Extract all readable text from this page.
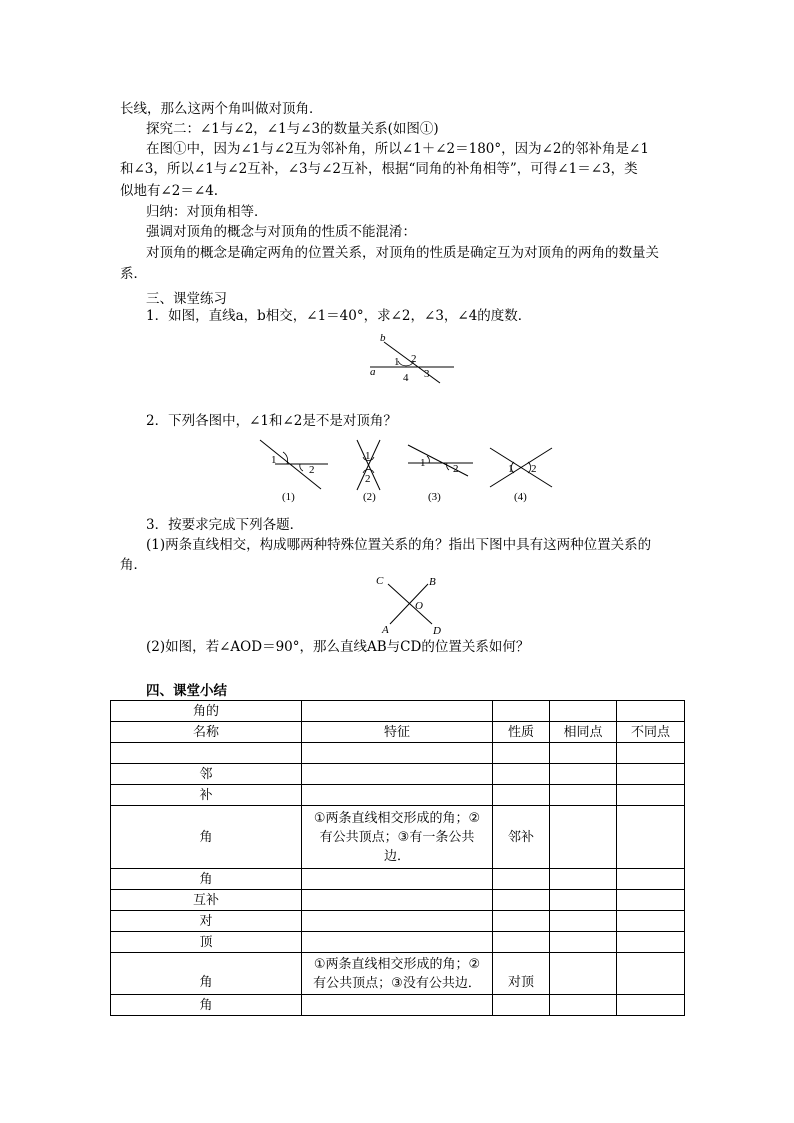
长线，那么这两个角叫做对顶角．
探究二：∠1与∠2，∠1与∠3的数量关系(如图①)
在图①中，因为∠1与∠2互为邻补角，所以∠1＋∠2＝180°，因为∠2的邻补角是∠1
和∠3，所以∠1与∠2互补，∠3与∠2互补，根据“同角的补角相等”，可得∠1＝∠3，类
似地有∠2＝∠4.
归纳：对顶角相等．
强调对顶角的概念与对顶角的性质不能混淆：
对顶角的概念是确定两角的位置关系，对顶角的性质是确定互为对顶角的两角的数量关
系．
三、课堂练习
1．如图，直线a，b相交，∠1＝40°，求∠2，∠3，∠4的度数．
b
a
1 2
3
4
2．下列各图中，∠1和∠2是不是对顶角？
1
2
(1)
1
2
(2)
1	2
(3)
1 2
(4)
3．按要求完成下列各题．
(1)两条直线相交，构成哪两种特殊位置关系的角？指出下图中具有这两种位置关系的
角．
C	B
O
A	D
(2)如图，若∠AOD＝90°，那么直线AB与CD的位置关系如何？
四、课堂小结
角的				
名称	特征	性质	相同点	不同点

邻				
补				
角	①两条直线相交形成的角；②
有公共顶点；③有一条公共
边．	邻补		
角				
互补				
对				
顶				
角	①两条直线相交形成的角；②
有公共顶点；③没有公共边．	对顶		
角				
